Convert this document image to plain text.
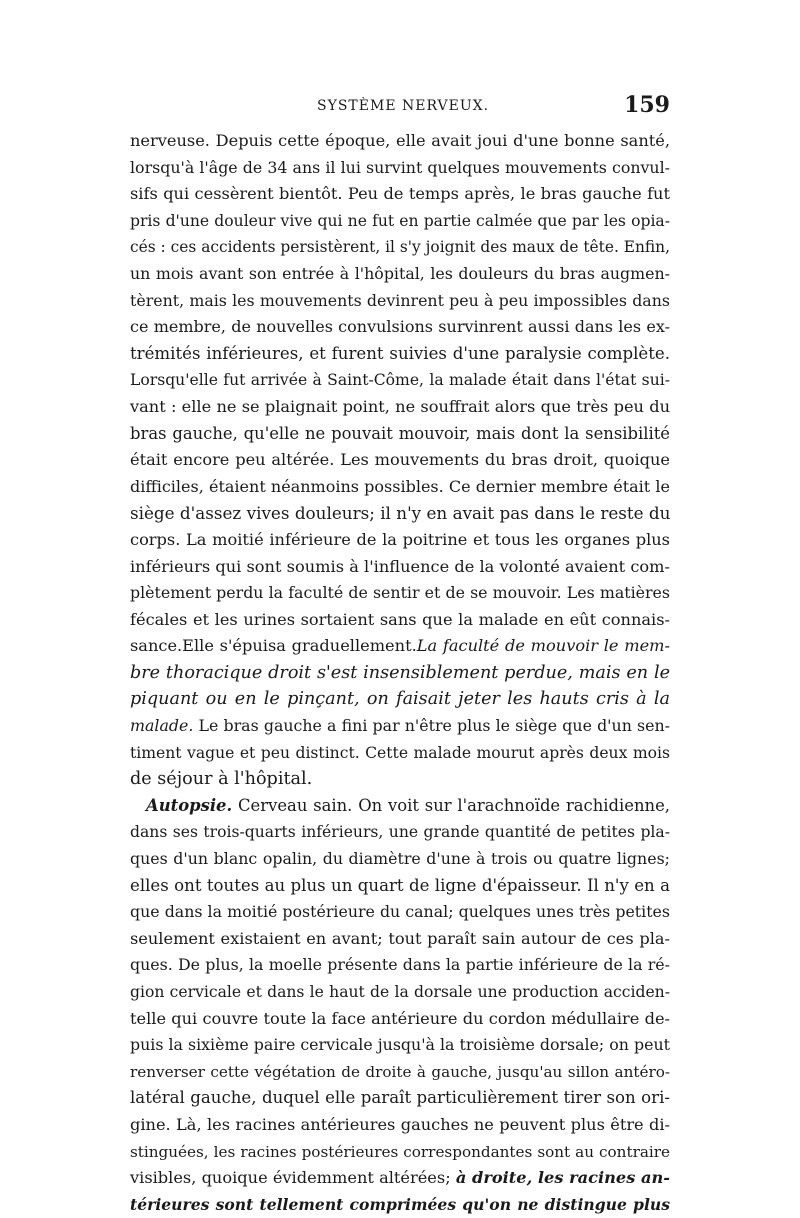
SYSTÈME NERVEUX.	159
nerveuse. Depuis cette époque, elle avait joui d'une bonne santé,
lorsqu'à l'âge de 34 ans il lui survint quelques mouvements convul-
sifs qui cessèrent bientôt. Peu de temps après, le bras gauche fut
pris d'une douleur vive qui ne fut en partie calmée que par les opia-
cés : ces accidents persistèrent, il s'y joignit des maux de tête. Enfin,
un mois avant son entrée à l'hôpital, les douleurs du bras augmen-
tèrent, mais les mouvements devinrent peu à peu impossibles dans
ce membre, de nouvelles convulsions survinrent aussi dans les ex-
trémités inférieures, et furent suivies d'une paralysie complète.
Lorsqu'elle fut arrivée à Saint-Côme, la malade était dans l'état sui-
vant : elle ne se plaignait point, ne souffrait alors que très peu du
bras gauche, qu'elle ne pouvait mouvoir, mais dont la sensibilité
était encore peu altérée. Les mouvements du bras droit, quoique
difficiles, étaient néanmoins possibles. Ce dernier membre était le
siège d'assez vives douleurs; il n'y en avait pas dans le reste du
corps. La moitié inférieure de la poitrine et tous les organes plus
inférieurs qui sont soumis à l'influence de la volonté avaient com-
plètement perdu la faculté de sentir et de se mouvoir. Les matières
fécales et les urines sortaient sans que la malade en eût connais-
sance.Elle s'épuisa graduellement.La faculté de mouvoir le mem-
bre thoracique droit s'est insensiblement perdue, mais en le
piquant ou en le pinçant, on faisait jeter les hauts cris à la
malade. Le bras gauche a fini par n'être plus le siège que d'un sen-
timent vague et peu distinct. Cette malade mourut après deux mois
de séjour à l'hôpital.
Autopsie. Cerveau sain. On voit sur l'arachnoïde rachidienne,
dans ses trois-quarts inférieurs, une grande quantité de petites pla-
ques d'un blanc opalin, du diamètre d'une à trois ou quatre lignes;
elles ont toutes au plus un quart de ligne d'épaisseur. Il n'y en a
que dans la moitié postérieure du canal; quelques unes très petites
seulement existaient en avant; tout paraît sain autour de ces pla-
ques. De plus, la moelle présente dans la partie inférieure de la ré-
gion cervicale et dans le haut de la dorsale une production acciden-
telle qui couvre toute la face antérieure du cordon médullaire de-
puis la sixième paire cervicale jusqu'à la troisième dorsale; on peut
renverser cette végétation de droite à gauche, jusqu'au sillon antéro-
latéral gauche, duquel elle paraît particulièrement tirer son ori-
gine. Là, les racines antérieures gauches ne peuvent plus être di-
stinguées, les racines postérieures correspondantes sont au contraire
visibles, quoique évidemment altérées; à droite, les racines an-
térieures sont tellement comprimées qu'on ne distingue plus
